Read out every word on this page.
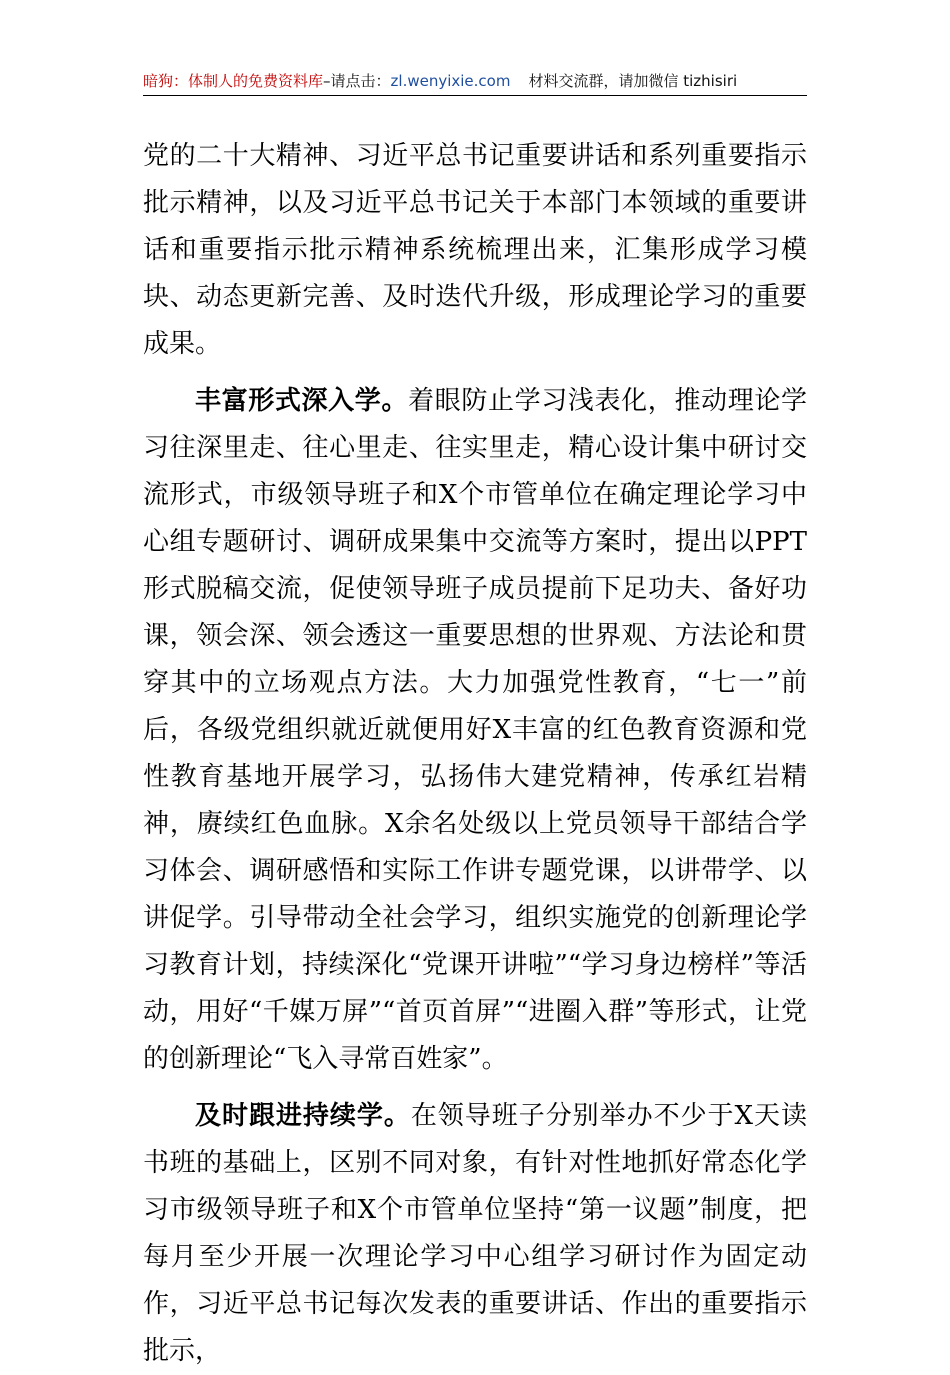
暗狗：体制人的免费资料库–请点击：zl.wenyixie.com 材料交流群，请加微信 tizhisiri

党的二十大精神、习近平总书记重要讲话和系列重要指示批示精神，以及习近平总书记关于本部门本领域的重要讲话和重要指示批示精神系统梳理出来，汇集形成学习模块、动态更新完善、及时迭代升级，形成理论学习的重要成果。

丰富形式深入学。着眼防止学习浅表化，推动理论学习往深里走、往心里走、往实里走，精心设计集中研讨交流形式，市级领导班子和X个市管单位在确定理论学习中心组专题研讨、调研成果集中交流等方案时，提出以PPT形式脱稿交流，促使领导班子成员提前下足功夫、备好功课，领会深、领会透这一重要思想的世界观、方法论和贯穿其中的立场观点方法。大力加强党性教育，“七一”前后，各级党组织就近就便用好X丰富的红色教育资源和党性教育基地开展学习，弘扬伟大建党精神，传承红岩精神，赓续红色血脉。X余名处级以上党员领导干部结合学习体会、调研感悟和实际工作讲专题党课，以讲带学、以讲促学。引导带动全社会学习，组织实施党的创新理论学习教育计划，持续深化“党课开讲啦”“学习身边榜样”等活动，用好“千媒万屏”“首页首屏”“进圈入群”等形式，让党的创新理论“飞入寻常百姓家”。

及时跟进持续学。在领导班子分别举办不少于X天读书班的基础上，区别不同对象，有针对性地抓好常态化学习市级领导班子和X个市管单位坚持“第一议题”制度，把每月至少开展一次理论学习中心组学习研讨作为固定动作，习近平总书记每次发表的重要讲话、作出的重要指示批示，
